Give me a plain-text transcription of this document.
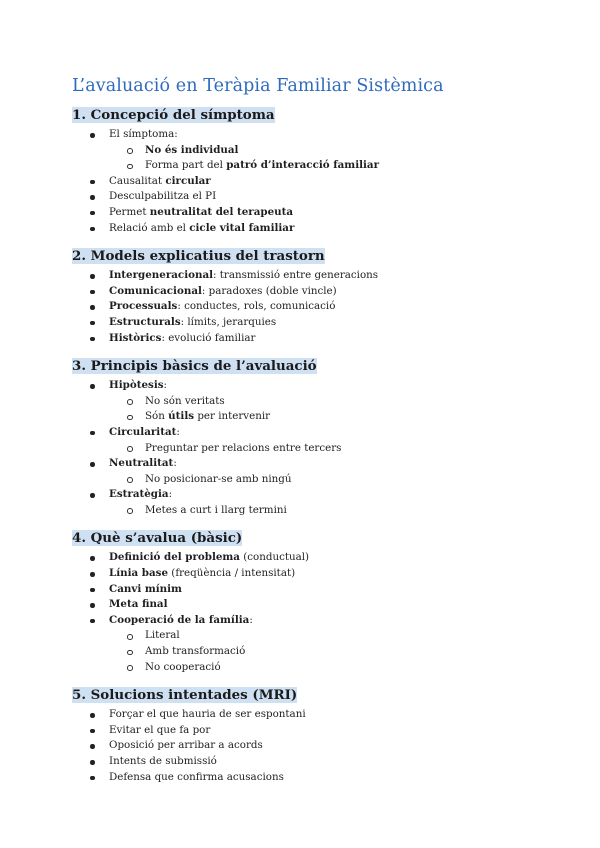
L’avaluació en Teràpia Familiar Sistèmica
1. Concepció del símptoma
El símptoma:
No és individual
Forma part del patró d’interacció familiar
Causalitat circular
Desculpabilitza el PI
Permet neutralitat del terapeuta
Relació amb el cicle vital familiar
2. Models explicatius del trastorn
Intergeneracional: transmissió entre generacions
Comunicacional: paradoxes (doble vincle)
Processuals: conductes, rols, comunicació
Estructurals: límits, jerarquies
Històrics: evolució familiar
3. Principis bàsics de l’avaluació
Hipòtesis:
No són veritats
Són útils per intervenir
Circularitat:
Preguntar per relacions entre tercers
Neutralitat:
No posicionar-se amb ningú
Estratègia:
Metes a curt i llarg termini
4. Què s’avalua (bàsic)
Definició del problema (conductual)
Línia base (freqüència / intensitat)
Canvi mínim
Meta final
Cooperació de la família:
Literal
Amb transformació
No cooperació
5. Solucions intentades (MRI)
Forçar el que hauria de ser espontani
Evitar el que fa por
Oposició per arribar a acords
Intents de submissió
Defensa que confirma acusacions
